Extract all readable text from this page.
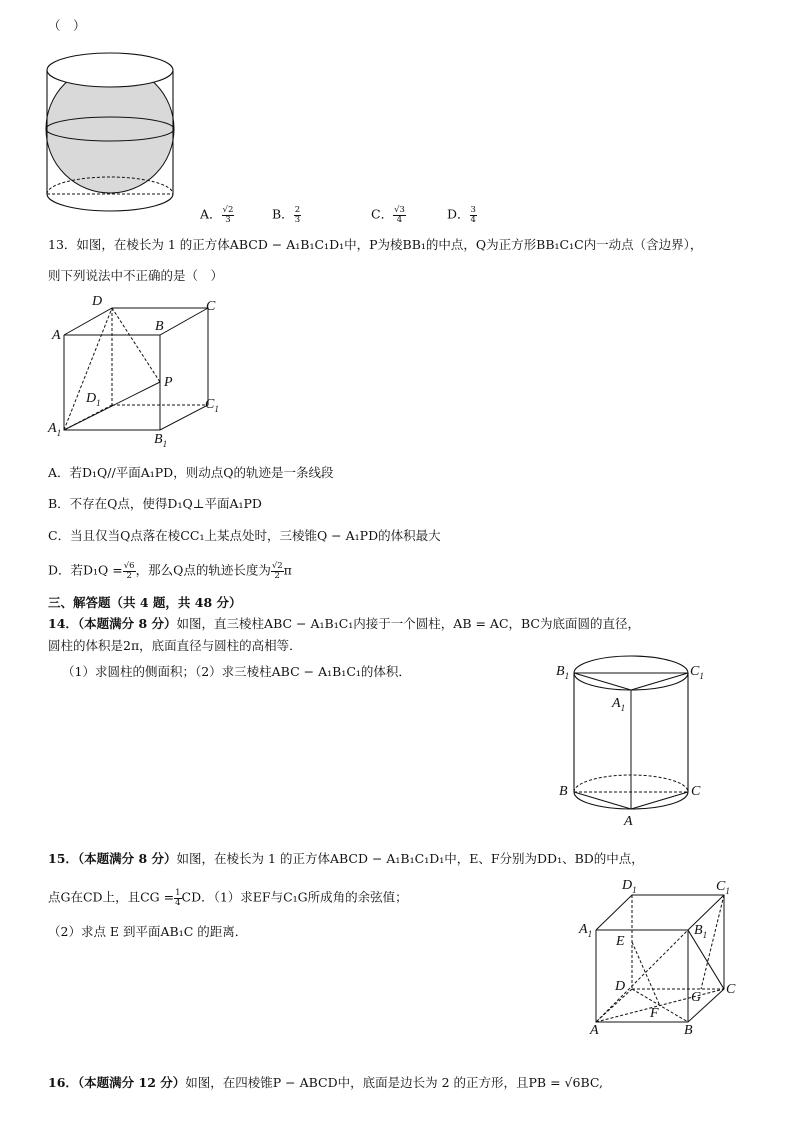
（　）
A． $\frac{√2}{3}$	B． $\frac{2}{3}$	C． $\frac{√3}{4}$	D． $\frac{3}{4}$
13．如图，在棱长为 1 的正方体ABCD − A₁B₁C₁D₁中，P为棱BB₁的中点，Q为正方形BB₁C₁C内一动点（含边界），
则下列说法中不正确的是（　）
D	C
A
B
P
$D_1$	$C_1$
$A_1$	$B_1$
A．若D₁Q//平面A₁PD，则动点Q的轨迹是一条线段
B．不存在Q点，使得D₁Q⊥平面A₁PD
C．当且仅当Q点落在棱CC₁上某点处时，三棱锥Q − A₁PD的体积最大
D．若$D_1Q = \frac{√6}{2}$ ，那么Q点的轨迹长度为 $\frac{√2}{2}$ π
三、解答题（共 4 题，共 48 分）
14．（本题满分 8 分）如图，直三棱柱ABC − A₁B₁C₁内接于一个圆柱，AB = AC，BC为底面圆的直径，
圆柱的体积是2π，底面直径与圆柱的高相等．
（1）求圆柱的侧面积；（2）求三棱柱ABC − A₁B₁C₁的体积．	$B_1$	$C_1$
$A_1$
B	C
A
15．（本题满分 8 分）如图，在棱长为 1 的正方体ABCD − A₁B₁C₁D₁中，E、F分别为DD₁、BD的中点，
点G在CD上，且CG = $\frac{1}{4}$ CD．（1）求EF与C₁G所成角的余弦值；
（2）求点 E 到平面AB₁C 的距离．
$D_1$	$C_1$
$A_1$	$B_1$
E
D
G
C
F
A	B
16．（本题满分 12 分）如图，在四棱锥P − ABCD中，底面是边长为 2 的正方形，且PB = √6BC,
